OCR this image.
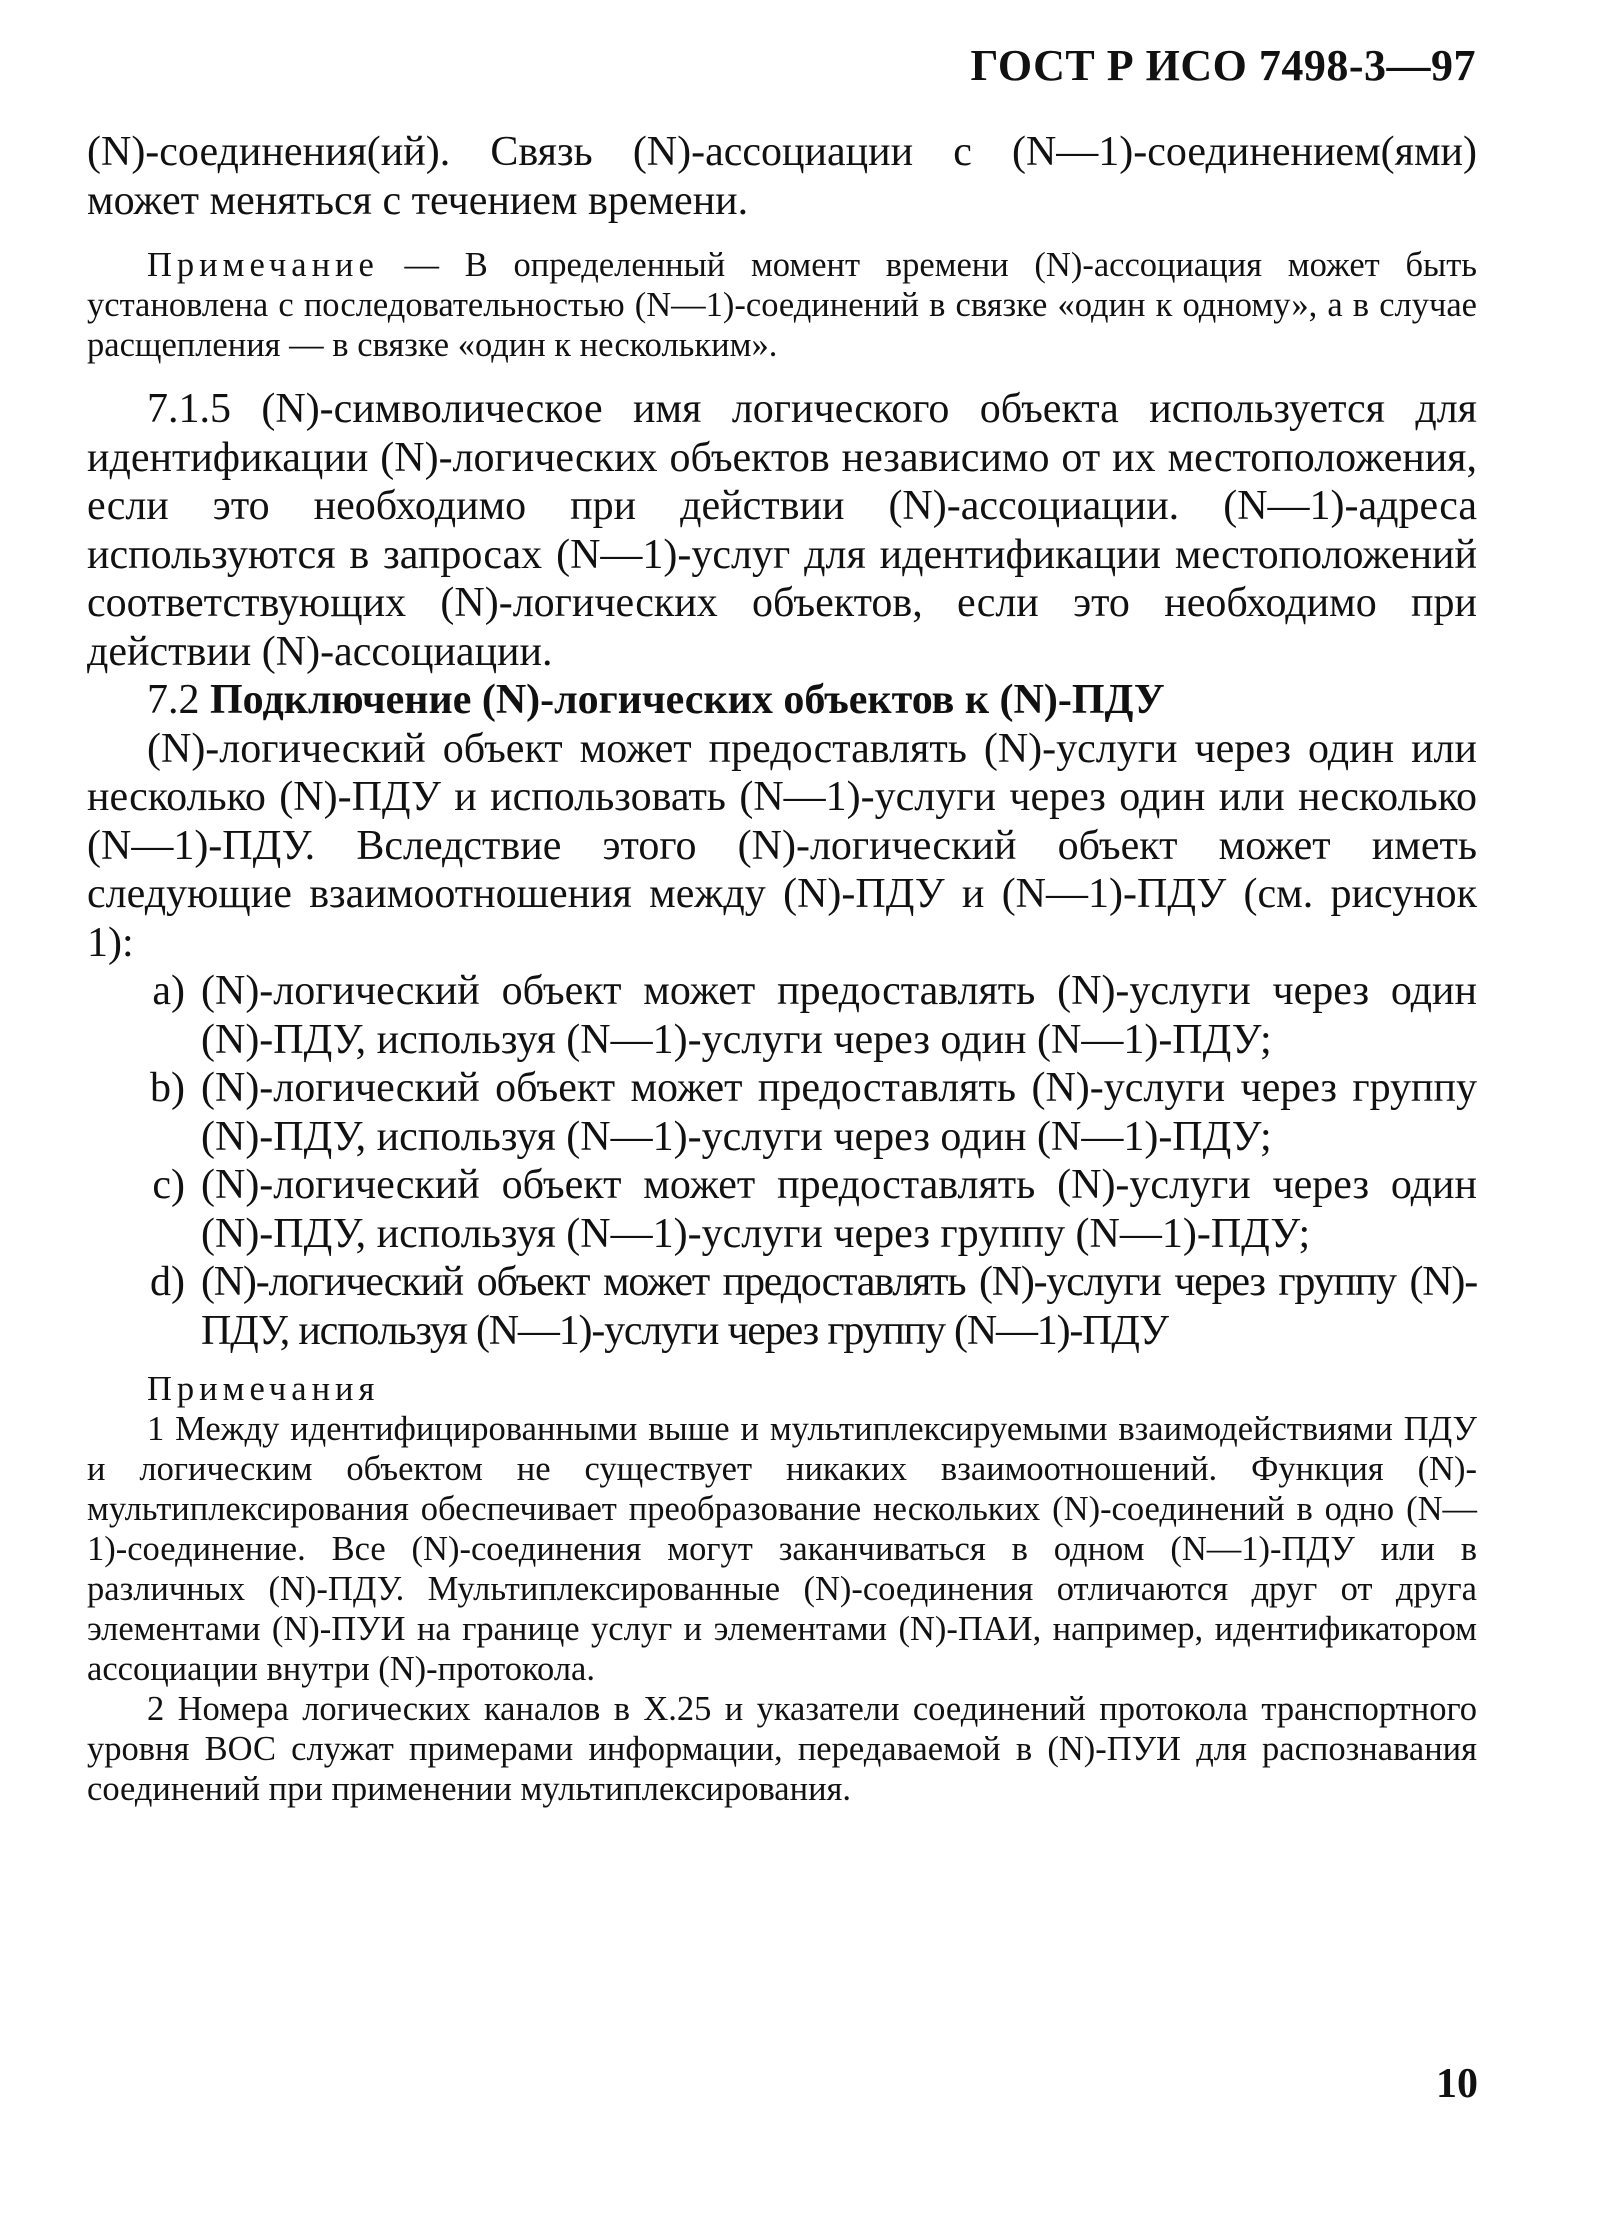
ГОСТ Р ИСО 7498-3—97

(N)-соединения(ий). Связь (N)-ассоциации с (N—1)-соединением(ями) может меняться с течением времени.

Примечание — В определенный момент времени (N)-ассоциация может быть установлена с последовательностью (N—1)-соединений в связке «один к одному», а в случае расщепления — в связке «один к нескольким».

7.1.5 (N)-символическое имя логического объекта используется для идентификации (N)-логических объектов независимо от их местоположения, если это необходимо при действии (N)-ассоциации. (N—1)-адреса используются в запросах (N—1)-услуг для идентификации местоположений соответствующих (N)-логических объектов, если это необходимо при действии (N)-ассоциации.

7.2 Подключение (N)-логических объектов к (N)-ПДУ

(N)-логический объект может предоставлять (N)-услуги через один или несколько (N)-ПДУ и использовать (N—1)-услуги через один или несколько (N—1)-ПДУ. Вследствие этого (N)-логический объект может иметь следующие взаимоотношения между (N)-ПДУ и (N—1)-ПДУ (см. рисунок 1):

a) (N)-логический объект может предоставлять (N)-услуги через один (N)-ПДУ, используя (N—1)-услуги через один (N—1)-ПДУ;
b) (N)-логический объект может предоставлять (N)-услуги через группу (N)-ПДУ, используя (N—1)-услуги через один (N—1)-ПДУ;
c) (N)-логический объект может предоставлять (N)-услуги через один (N)-ПДУ, используя (N—1)-услуги через группу (N—1)-ПДУ;
d) (N)-логический объект может предоставлять (N)-услуги через группу (N)-ПДУ, используя (N—1)-услуги через группу (N—1)-ПДУ

Примечания

1 Между идентифицированными выше и мультиплексируемыми взаимодействиями ПДУ и логическим объектом не существует никаких взаимоотношений. Функция (N)-мультиплексирования обеспечивает преобразование нескольких (N)-соединений в одно (N—1)-соединение. Все (N)-соединения могут заканчиваться в одном (N—1)-ПДУ или в различных (N)-ПДУ. Мультиплексированные (N)-соединения отличаются друг от друга элементами (N)-ПУИ на границе услуг и элементами (N)-ПАИ, например, идентификатором ассоциации внутри (N)-протокола.

2 Номера логических каналов в Х.25 и указатели соединений протокола транспортного уровня ВОС служат примерами информации, передаваемой в (N)-ПУИ для распознавания соединений при применении мультиплексирования.

10
